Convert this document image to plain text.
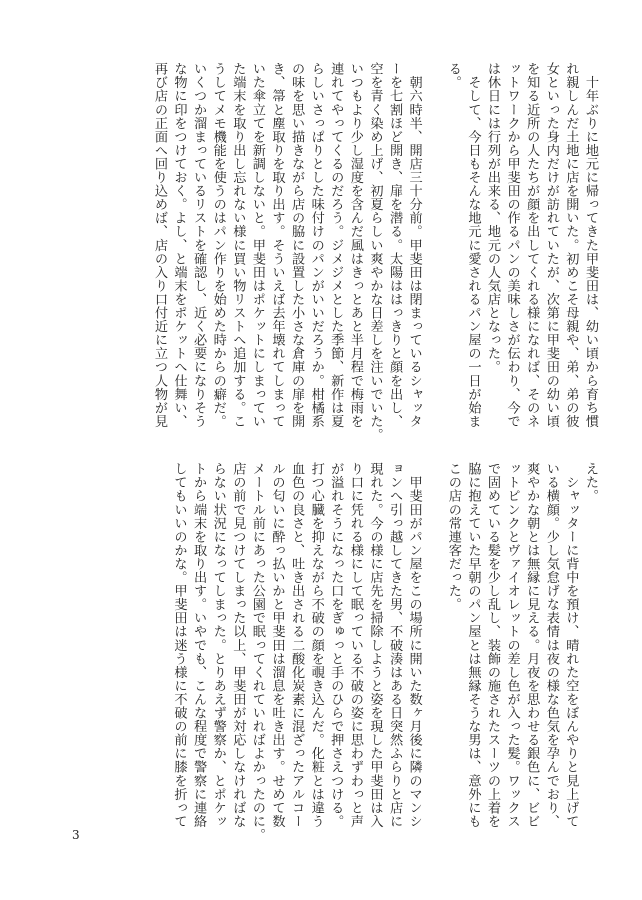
　十年ぶりに地元に帰ってきた甲斐田は、幼い頃から育ち慣
れ親しんだ土地に店を開いた。初めこそ母親や、弟、弟の彼
女といった身内だけが訪れていたが、次第に甲斐田の幼い頃
を知る近所の人たちが顔を出してくれる様になれば、そのネ
ットワークから甲斐田の作るパンの美味しさが伝わり、今で
は休日には行列が出来る、地元の人気店となった。
　そして、今日もそんな地元に愛されるパン屋の一日が始ま
る。

　朝六時半、開店三十分前。甲斐田は閉まっているシャッタ
ーを七割ほど開き、扉を潜る。太陽ははっきりと顔を出し、
空を青く染め上げ、初夏らしい爽やかな日差しを注いでいた。
いつもより少し湿度を含んだ風はきっとあと半月程で梅雨を
連れてやってくるのだろう。ジメジメとした季節、新作は夏
らしいさっぱりとした味付けのパンがいいだろうか。柑橘系
の味を思い描きながら店の脇に設置した小さな倉庫の扉を開
き、箒と塵取りを取り出す。そういえば去年壊れてしまって
いた傘立てを新調しないと。甲斐田はポケットにしまってい
た端末を取り出し忘れない様に買い物リストへ追加する。こ
うしてメモ機能を使うのはパン作りを始めた時からの癖だ。
いくつか溜まっているリストを確認し、近く必要になりそう
な物に印をつけておく。よし、と端末をポケットへ仕舞い、
再び店の正面へ回り込めば、店の入り口付近に立つ人物が見
えた。
　シャッターに背中を預け、晴れた空をぼんやりと見上げて
いる横顔。少し気怠げな表情は夜の様な色気を孕んでおり、
爽やかな朝とは無縁に見える。月夜を思わせる銀色に、ビビ
ットピンクとヴァイオレットの差し色が入った髪。ワックス
で固めている髪を少し乱し、装飾の施されたスーツの上着を
脇に抱えていた早朝のパン屋とは無縁そうな男は、意外にも
この店の常連客だった。

　甲斐田がパン屋をこの場所に開いた数ヶ月後に隣のマンシ
ョンへ引っ越してきた男、不破湊はある日突然ふらりと店に
現れた。今の様に店先を掃除しようと姿を現した甲斐田は入
り口に凭れる様にして眠っている不破の姿に思わずわっと声
が溢れそうになった口をぎゅっと手のひらで押さえつける。
打つ心臓を抑えながら不破の顔を覗き込んだ。化粧とは違う
血色の良さと、吐き出される二酸化炭素に混ざったアルコー
ルの匂いに酔っ払いかと甲斐田は溜息を吐き出す。せめて数
メートル前にあった公園で眠ってくれていればよかったのに。
店の前で見つけてしまった以上、甲斐田が対応しなければな
らない状況になってしまった。とりあえず警察か、とポケッ
トから端末を取り出す。いやでも、こんな程度で警察に連絡
してもいいのかな。甲斐田は迷う様に不破の前に膝を折って
3
